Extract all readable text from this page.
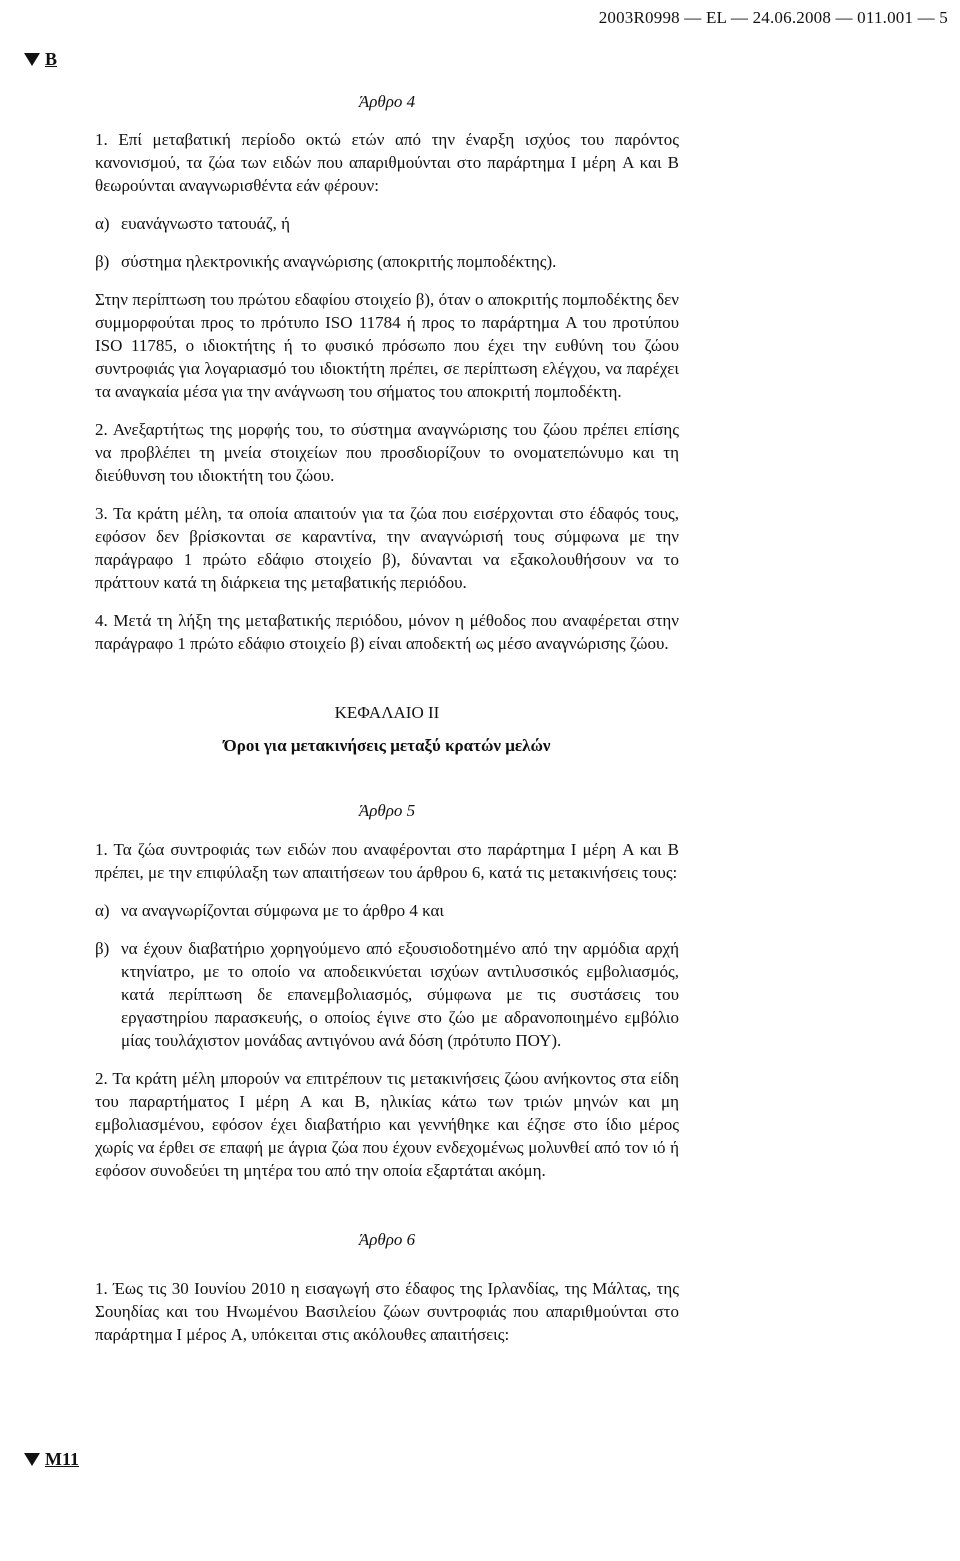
2003R0998 — EL — 24.06.2008 — 011.001 — 5
B
M11
Άρθρο 4

1. Επί μεταβατική περίοδο οκτώ ετών από την έναρξη ισχύος του παρόντος κανονισμού, τα ζώα των ειδών που απαριθμούνται στο παράρτημα I μέρη A και B θεωρούνται αναγνωρισθέντα εάν φέρουν:

α) ευανάγνωστο τατουάζ, ή
β) σύστημα ηλεκτρονικής αναγνώρισης (αποκριτής πομποδέκτης).

Στην περίπτωση του πρώτου εδαφίου στοιχείο β), όταν ο αποκριτής πομποδέκτης δεν συμμορφούται προς το πρότυπο ISO 11784 ή προς το παράρτημα A του προτύπου ISO 11785, ο ιδιοκτήτης ή το φυσικό πρόσωπο που έχει την ευθύνη του ζώου συντροφιάς για λογαριασμό του ιδιοκτήτη πρέπει, σε περίπτωση ελέγχου, να παρέχει τα αναγκαία μέσα για την ανάγνωση του σήματος του αποκριτή πομποδέκτη.

2. Ανεξαρτήτως της μορφής του, το σύστημα αναγνώρισης του ζώου πρέπει επίσης να προβλέπει τη μνεία στοιχείων που προσδιορίζουν το ονοματεπώνυμο και τη διεύθυνση του ιδιοκτήτη του ζώου.

3. Τα κράτη μέλη, τα οποία απαιτούν για τα ζώα που εισέρχονται στο έδαφός τους, εφόσον δεν βρίσκονται σε καραντίνα, την αναγνώρισή τους σύμφωνα με την παράγραφο 1 πρώτο εδάφιο στοιχείο β), δύνανται να εξακολουθήσουν να το πράττουν κατά τη διάρκεια της μεταβατικής περιόδου.

4. Μετά τη λήξη της μεταβατικής περιόδου, μόνον η μέθοδος που αναφέρεται στην παράγραφο 1 πρώτο εδάφιο στοιχείο β) είναι αποδεκτή ως μέσο αναγνώρισης ζώου.

ΚΕΦΑΛΑΙΟ II
Όροι για μετακινήσεις μεταξύ κρατών μελών
Άρθρο 5

1. Τα ζώα συντροφιάς των ειδών που αναφέρονται στο παράρτημα I μέρη A και B πρέπει, με την επιφύλαξη των απαιτήσεων του άρθρου 6, κατά τις μετακινήσεις τους:

α) να αναγνωρίζονται σύμφωνα με το άρθρο 4 και
β) να έχουν διαβατήριο χορηγούμενο από εξουσιοδοτημένο από την αρμόδια αρχή κτηνίατρο, με το οποίο να αποδεικνύεται ισχύων αντιλυσσικός εμβολιασμός, κατά περίπτωση δε επανεμβολιασμός, σύμφωνα με τις συστάσεις του εργαστηρίου παρασκευής, ο οποίος έγινε στο ζώο με αδρανοποιημένο εμβόλιο μίας τουλάχιστον μονάδας αντιγόνου ανά δόση (πρότυπο ΠΟΥ).

2. Τα κράτη μέλη μπορούν να επιτρέπουν τις μετακινήσεις ζώου ανήκοντος στα είδη του παραρτήματος I μέρη A και B, ηλικίας κάτω των τριών μηνών και μη εμβολιασμένου, εφόσον έχει διαβατήριο και γεννήθηκε και έζησε στο ίδιο μέρος χωρίς να έρθει σε επαφή με άγρια ζώα που έχουν ενδεχομένως μολυνθεί από τον ιό ή εφόσον συνοδεύει τη μητέρα του από την οποία εξαρτάται ακόμη.

Άρθρο 6

1. Έως τις 30 Ιουνίου 2010 η εισαγωγή στο έδαφος της Ιρλανδίας, της Μάλτας, της Σουηδίας και του Ηνωμένου Βασιλείου ζώων συντροφιάς που απαριθμούνται στο παράρτημα I μέρος A, υπόκειται στις ακόλουθες απαιτήσεις:
